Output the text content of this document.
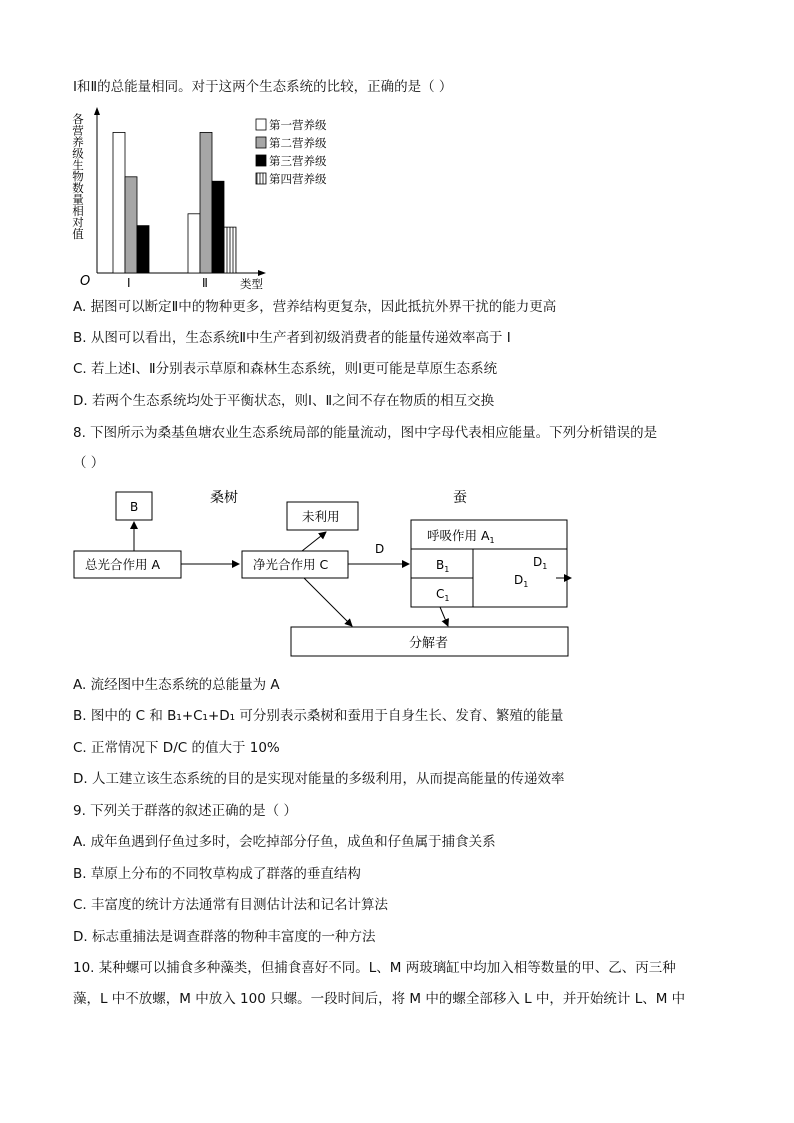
Ⅰ和Ⅱ的总能量相同。对于这两个生态系统的比较，正确的是（ ）
各营养级生物数量相对值
O	类型
Ⅰ	Ⅱ
第一营养级
第二营养级
第三营养级
第四营养级
A. 据图可以断定Ⅱ中的物种更多，营养结构更复杂，因此抵抗外界干扰的能力更高
B. 从图可以看出，生态系统Ⅱ中生产者到初级消费者的能量传递效率高于 Ⅰ
C. 若上述Ⅰ、Ⅱ分别表示草原和森林生态系统，则Ⅰ更可能是草原生态系统
D. 若两个生态系统均处于平衡状态，则Ⅰ、Ⅱ之间不存在物质的相互交换
8. 下图所示为桑基鱼塘农业生态系统局部的能量流动，图中字母代表相应能量。下列分析错误的是
（ ）
桑树	蚕
B
总光合作用 A	净光合作用 C
未利用
D
呼吸作用 $A_1$
$B_1$
$C_1$
$D_1$
$D_1$
分解者
A. 流经图中生态系统的总能量为 A
B. 图中的 C 和 B₁+C₁+D₁ 可分别表示桑树和蚕用于自身生长、发育、繁殖的能量
C. 正常情况下 D/C 的值大于 10%
D. 人工建立该生态系统的目的是实现对能量的多级利用，从而提高能量的传递效率
9. 下列关于群落的叙述正确的是（ ）
A. 成年鱼遇到仔鱼过多时，会吃掉部分仔鱼，成鱼和仔鱼属于捕食关系
B. 草原上分布的不同牧草构成了群落的垂直结构
C. 丰富度的统计方法通常有目测估计法和记名计算法
D. 标志重捕法是调查群落的物种丰富度的一种方法
10. 某种螺可以捕食多种藻类，但捕食喜好不同。L、M 两玻璃缸中均加入相等数量的甲、乙、丙三种
藻，L 中不放螺，M 中放入 100 只螺。一段时间后，将 M 中的螺全部移入 L 中，并开始统计 L、M 中
